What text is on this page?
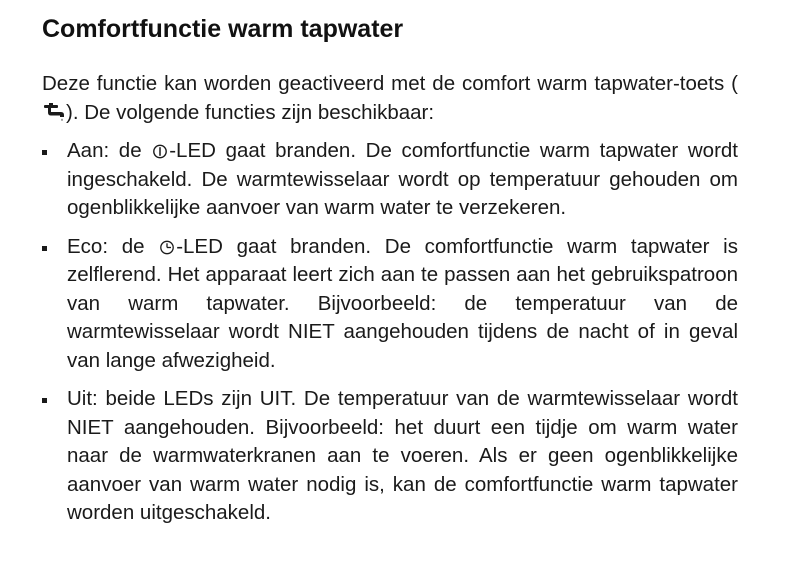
Comfortfunctie warm tapwater

Deze functie kan worden geactiveerd met de comfort warm tapwater-toets (). De volgende functies zijn beschikbaar:

Aan: de -LED gaat branden. De comfortfunctie warm tapwater wordt ingeschakeld. De warmtewisselaar wordt op temperatuur gehouden om ogenblikkelijke aanvoer van warm water te verzekeren.
Eco: de -LED gaat branden. De comfortfunctie warm tapwater is zelflerend. Het apparaat leert zich aan te passen aan het gebruikspatroon van warm tapwater. Bijvoorbeeld: de temperatuur van de warmtewisselaar wordt NIET aangehouden tijdens de nacht of in geval van lange afwezigheid.
Uit: beide LEDs zijn UIT. De temperatuur van de warmtewisselaar wordt NIET aangehouden. Bijvoorbeeld: het duurt een tijdje om warm water naar de warmwaterkranen aan te voeren. Als er geen ogenblikkelijke aanvoer van warm water nodig is, kan de comfortfunctie warm tapwater worden uitgeschakeld.
